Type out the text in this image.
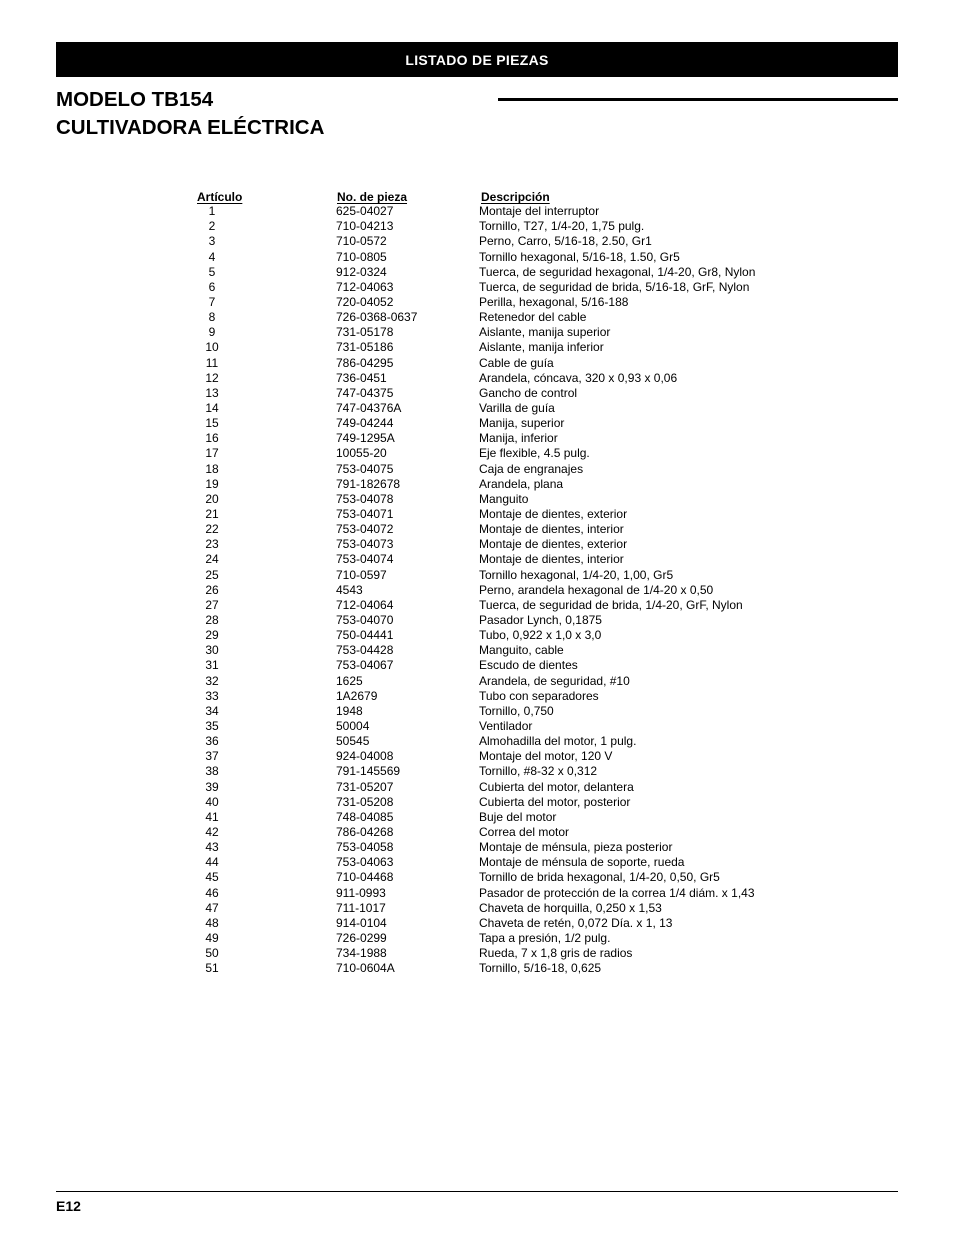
LISTADO DE PIEZAS
MODELO TB154
CULTIVADORA ELÉCTRICA
Artículo	No. de pieza	Descripción
1	625-04027	Montaje del interruptor
2	710-04213	Tornillo, T27, 1/4-20, 1,75 pulg.
3	710-0572	Perno, Carro, 5/16-18, 2.50, Gr1
4	710-0805	Tornillo hexagonal, 5/16-18, 1.50, Gr5
5	912-0324	Tuerca, de seguridad hexagonal, 1/4-20, Gr8, Nylon
6	712-04063	Tuerca, de seguridad de brida, 5/16-18, GrF, Nylon
7	720-04052	Perilla, hexagonal, 5/16-188
8	726-0368-0637	Retenedor del cable
9	731-05178	Aislante, manija superior
10	731-05186	Aislante, manija inferior
11	786-04295	Cable de guía
12	736-0451	Arandela, cóncava, 320 x 0,93 x 0,06
13	747-04375	Gancho de control
14	747-04376A	Varilla de guía
15	749-04244	Manija, superior
16	749-1295A	Manija, inferior
17	10055-20	Eje flexible, 4.5 pulg.
18	753-04075	Caja de engranajes
19	791-182678	Arandela, plana
20	753-04078	Manguito
21	753-04071	Montaje de dientes, exterior
22	753-04072	Montaje de dientes, interior
23	753-04073	Montaje de dientes, exterior
24	753-04074	Montaje de dientes, interior
25	710-0597	Tornillo hexagonal, 1/4-20, 1,00, Gr5
26	4543	Perno, arandela hexagonal de 1/4-20 x 0,50
27	712-04064	Tuerca, de seguridad de brida, 1/4-20, GrF, Nylon
28	753-04070	Pasador Lynch, 0,1875
29	750-04441	Tubo, 0,922 x 1,0 x 3,0
30	753-04428	Manguito, cable
31	753-04067	Escudo de dientes
32	1625	Arandela, de seguridad, #10
33	1A2679	Tubo con separadores
34	1948	Tornillo, 0,750
35	50004	Ventilador
36	50545	Almohadilla del motor, 1 pulg.
37	924-04008	Montaje del motor, 120 V
38	791-145569	Tornillo, #8-32 x 0,312
39	731-05207	Cubierta del motor, delantera
40	731-05208	Cubierta del motor, posterior
41	748-04085	Buje del motor
42	786-04268	Correa del motor
43	753-04058	Montaje de ménsula, pieza posterior
44	753-04063	Montaje de ménsula de soporte, rueda
45	710-04468	Tornillo de brida hexagonal, 1/4-20, 0,50, Gr5
46	911-0993	Pasador de protección de la correa 1/4 diám. x 1,43
47	711-1017	Chaveta de horquilla, 0,250 x 1,53
48	914-0104	Chaveta de retén, 0,072 Día. x 1, 13
49	726-0299	Tapa a presión, 1/2 pulg.
50	734-1988	Rueda, 7 x 1,8 gris de radios
51	710-0604A	Tornillo, 5/16-18, 0,625
E12
